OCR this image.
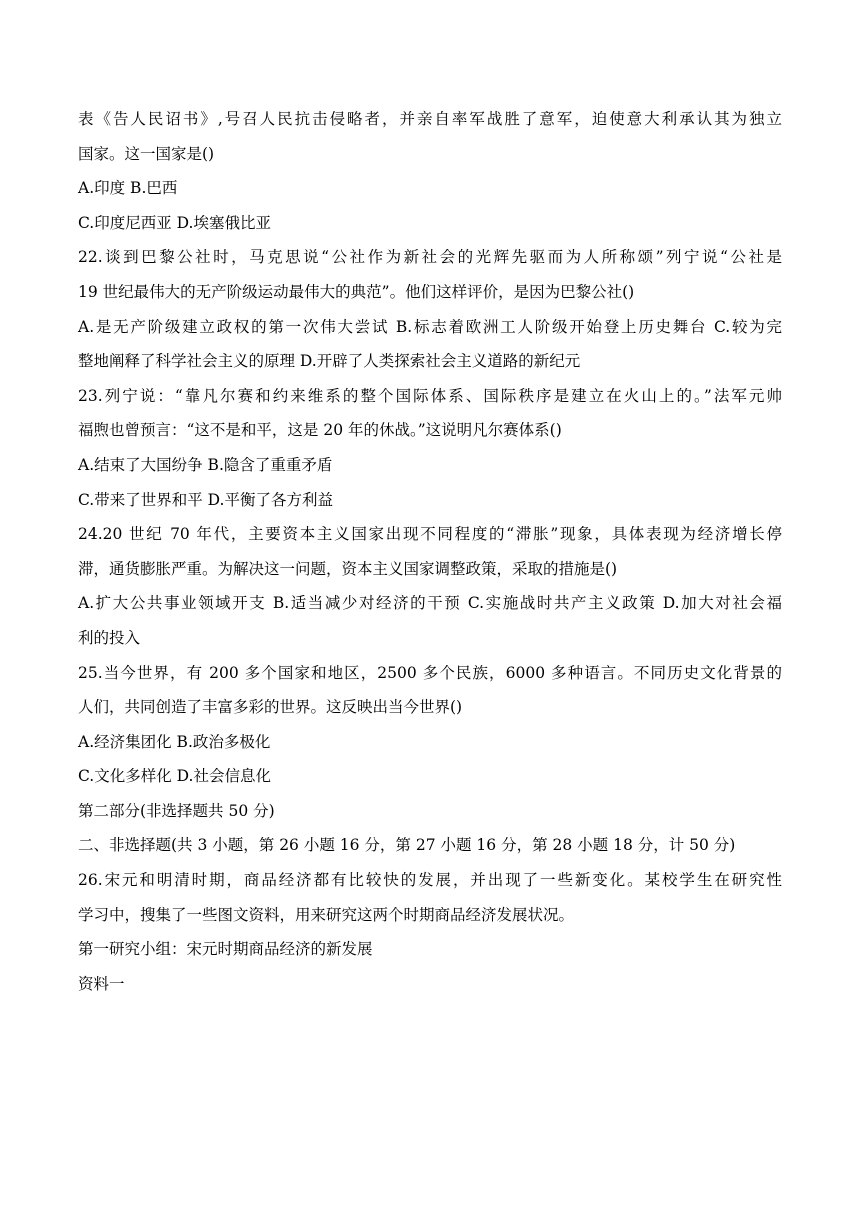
表《告人民诏书》,号召人民抗击侵略者，并亲自率军战胜了意军，迫使意大利承认其为独立
国家。这一国家是()
A.印度 B.巴西
C.印度尼西亚 D.埃塞俄比亚
22.谈到巴黎公社时，马克思说“公社作为新社会的光辉先驱而为人所称颂”列宁说“公社是
19 世纪最伟大的无产阶级运动最伟大的典范”。他们这样评价，是因为巴黎公社()
A.是无产阶级建立政权的第一次伟大尝试 B.标志着欧洲工人阶级开始登上历史舞台 C.较为完
整地阐释了科学社会主义的原理 D.开辟了人类探索社会主义道路的新纪元
23.列宁说：“靠凡尔赛和约来维系的整个国际体系、国际秩序是建立在火山上的。”法军元帅
福煦也曾预言：“这不是和平，这是 20 年的休战。”这说明凡尔赛体系()
A.结束了大国纷争 B.隐含了重重矛盾
C.带来了世界和平 D.平衡了各方利益
24.20 世纪 70 年代，主要资本主义国家出现不同程度的“滞胀”现象，具体表现为经济增长停
滞，通货膨胀严重。为解决这一问题，资本主义国家调整政策，采取的措施是()
A.扩大公共事业领域开支 B.适当减少对经济的干预 C.实施战时共产主义政策 D.加大对社会福
利的投入
25.当今世界，有 200 多个国家和地区，2500 多个民族，6000 多种语言。不同历史文化背景的
人们，共同创造了丰富多彩的世界。这反映出当今世界()
A.经济集团化 B.政治多极化
C.文化多样化 D.社会信息化
第二部分(非选择题共 50 分)
二、非选择题(共 3 小题，第 26 小题 16 分，第 27 小题 16 分，第 28 小题 18 分，计 50 分)
26.宋元和明清时期，商品经济都有比较快的发展，并出现了一些新变化。某校学生在研究性
学习中，搜集了一些图文资料，用来研究这两个时期商品经济发展状况。
第一研究小组：宋元时期商品经济的新发展
资料一
